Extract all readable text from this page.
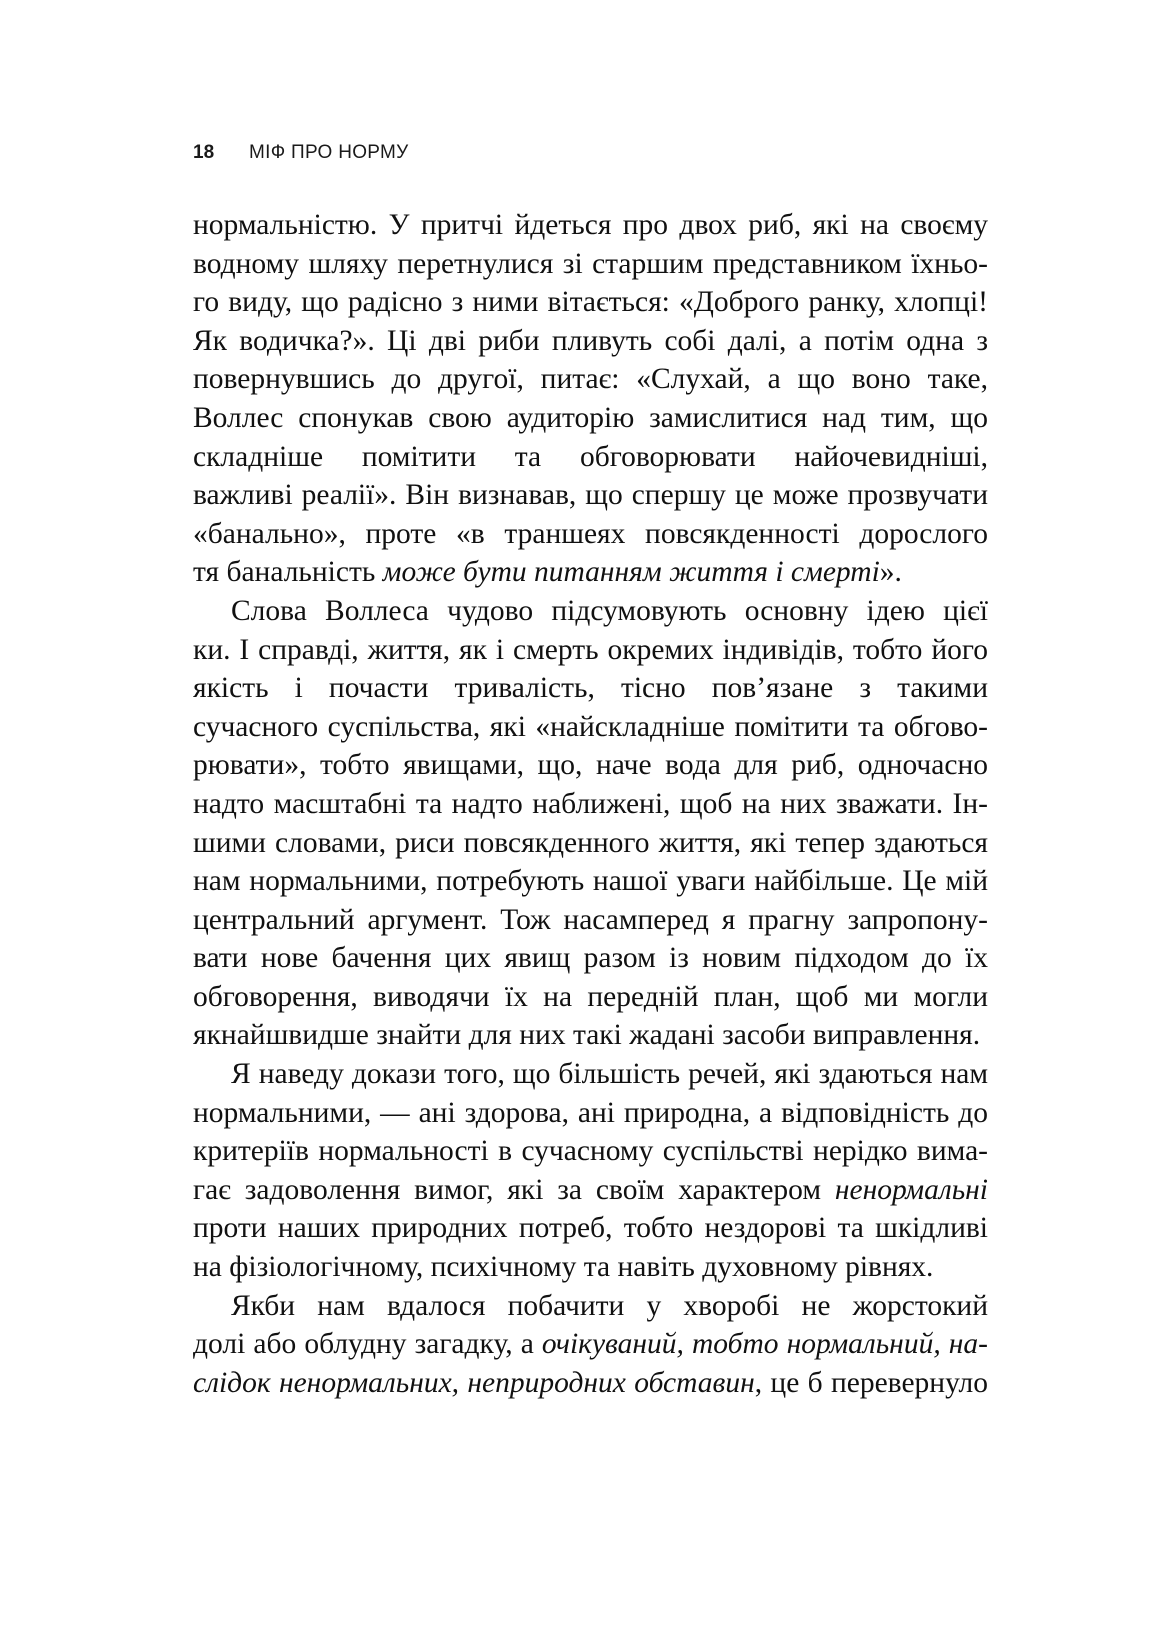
18 МІФ ПРО НОРМУ
нормальністю. У притчі йдеться про двох риб, які на своєму
водному шляху перетнулися зі старшим представником їхньо-
го виду, що радісно з ними вітається: «Доброго ранку, хлопці!
Як водичка?». Ці дві риби пливуть собі далі, а потім одна з
повернувшись до другої, питає: «Слухай, а що воно таке,
Воллес спонукав свою аудиторію замислитися над тим, що
складніше помітити та обговорювати найочевидніші,
важливі реалії». Він визнавав, що спершу це може прозвучати
«банально», проте «в траншеях повсякденності дорослого
тя банальність може бути питанням життя і смерті».
Слова Воллеса чудово підсумовують основну ідею цієї
ки. І справді, життя, як і смерть окремих індивідів, тобто його
якість і почасти тривалість, тісно пов’язане з такими
сучасного суспільства, які «найскладніше помітити та обгово-
рювати», тобто явищами, що, наче вода для риб, одночасно
надто масштабні та надто наближені, щоб на них зважати. Ін-
шими словами, риси повсякденного життя, які тепер здаються
нам нормальними, потребують нашої уваги найбільше. Це мій
центральний аргумент. Тож насамперед я прагну запропону-
вати нове бачення цих явищ разом із новим підходом до їх
обговорення, виводячи їх на передній план, щоб ми могли
якнайшвидше знайти для них такі жадані засоби виправлення.
Я наведу докази того, що більшість речей, які здаються нам
нормальними, — ані здорова, ані природна, а відповідність до
критеріїв нормальності в сучасному суспільстві нерідко вима-
гає задоволення вимог, які за своїм характером ненормальні
проти наших природних потреб, тобто нездорові та шкідливі
на фізіологічному, психічному та навіть духовному рівнях.
Якби нам вдалося побачити у хворобі не жорстокий
долі або облудну загадку, а очікуваний, тобто нормальний, на-
слідок ненормальних, неприродних обставин, це б перевернуло
